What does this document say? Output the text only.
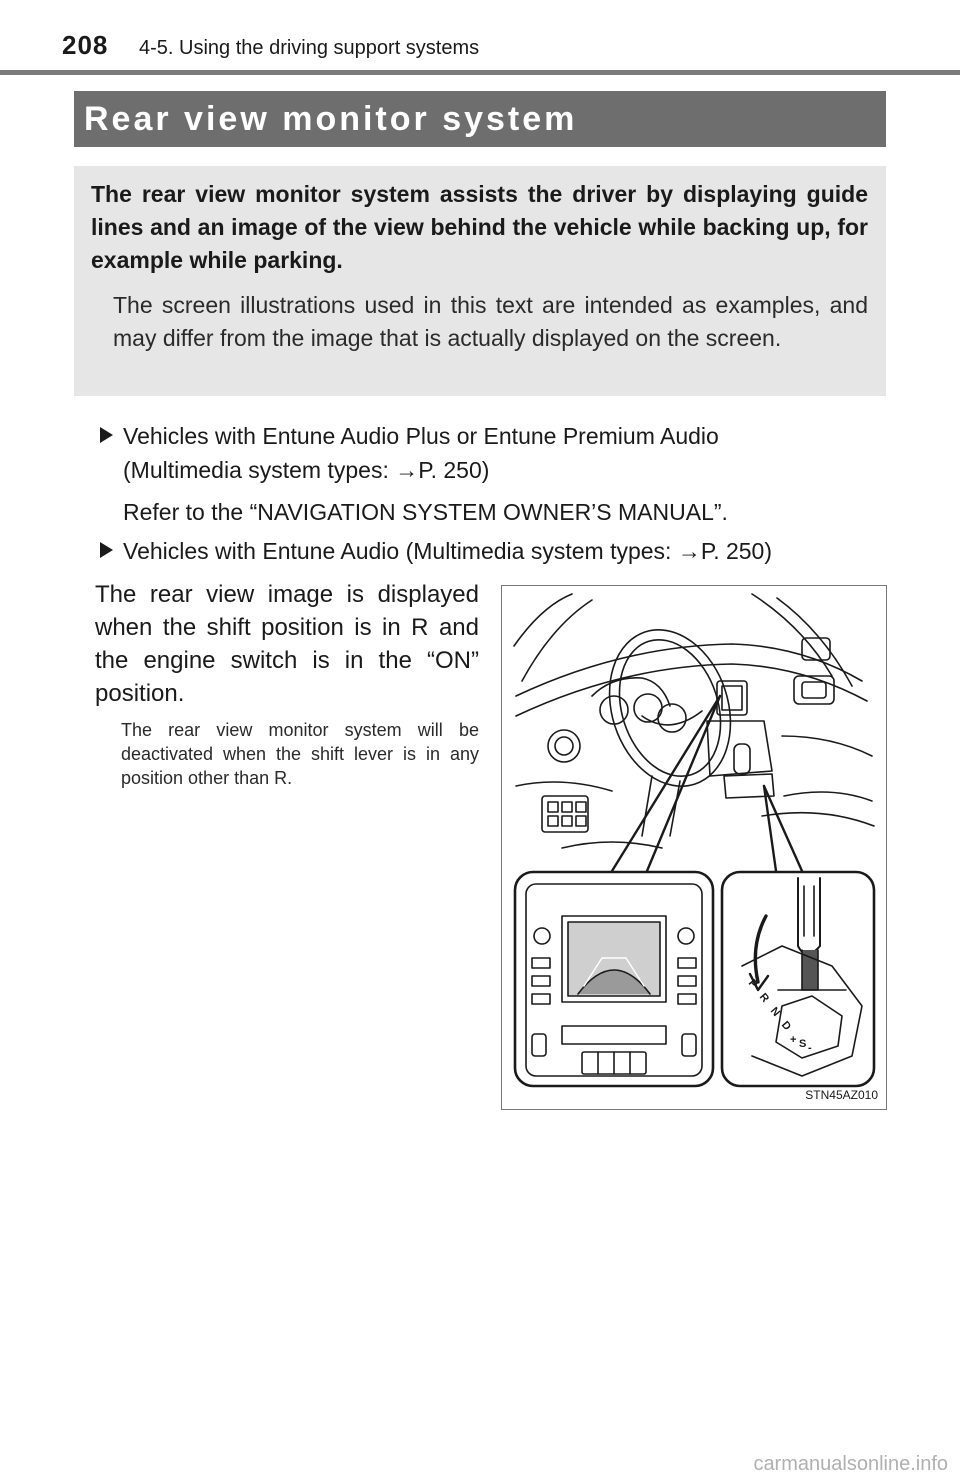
208 4-5. Using the driving support systems
Rear view monitor system
The rear view monitor system assists the driver by displaying guide lines and an image of the view behind the vehicle while backing up, for example while parking.
The screen illustrations used in this text are intended as examples, and may differ from the image that is actually displayed on the screen.
Vehicles with Entune Audio Plus or Entune Premium Audio
(Multimedia system types: →P. 250)
Refer to the “NAVIGATION SYSTEM OWNER’S MANUAL”.
Vehicles with Entune Audio (Multimedia system types: →P. 250)
The rear view image is displayed when the shift position is in R and the engine switch is in the “ON” position.
The rear view monitor system will be deactivated when the shift lever is in any position other than R.
P
R
N
D
+ S -
STN45AZ010
carmanualsonline.info
